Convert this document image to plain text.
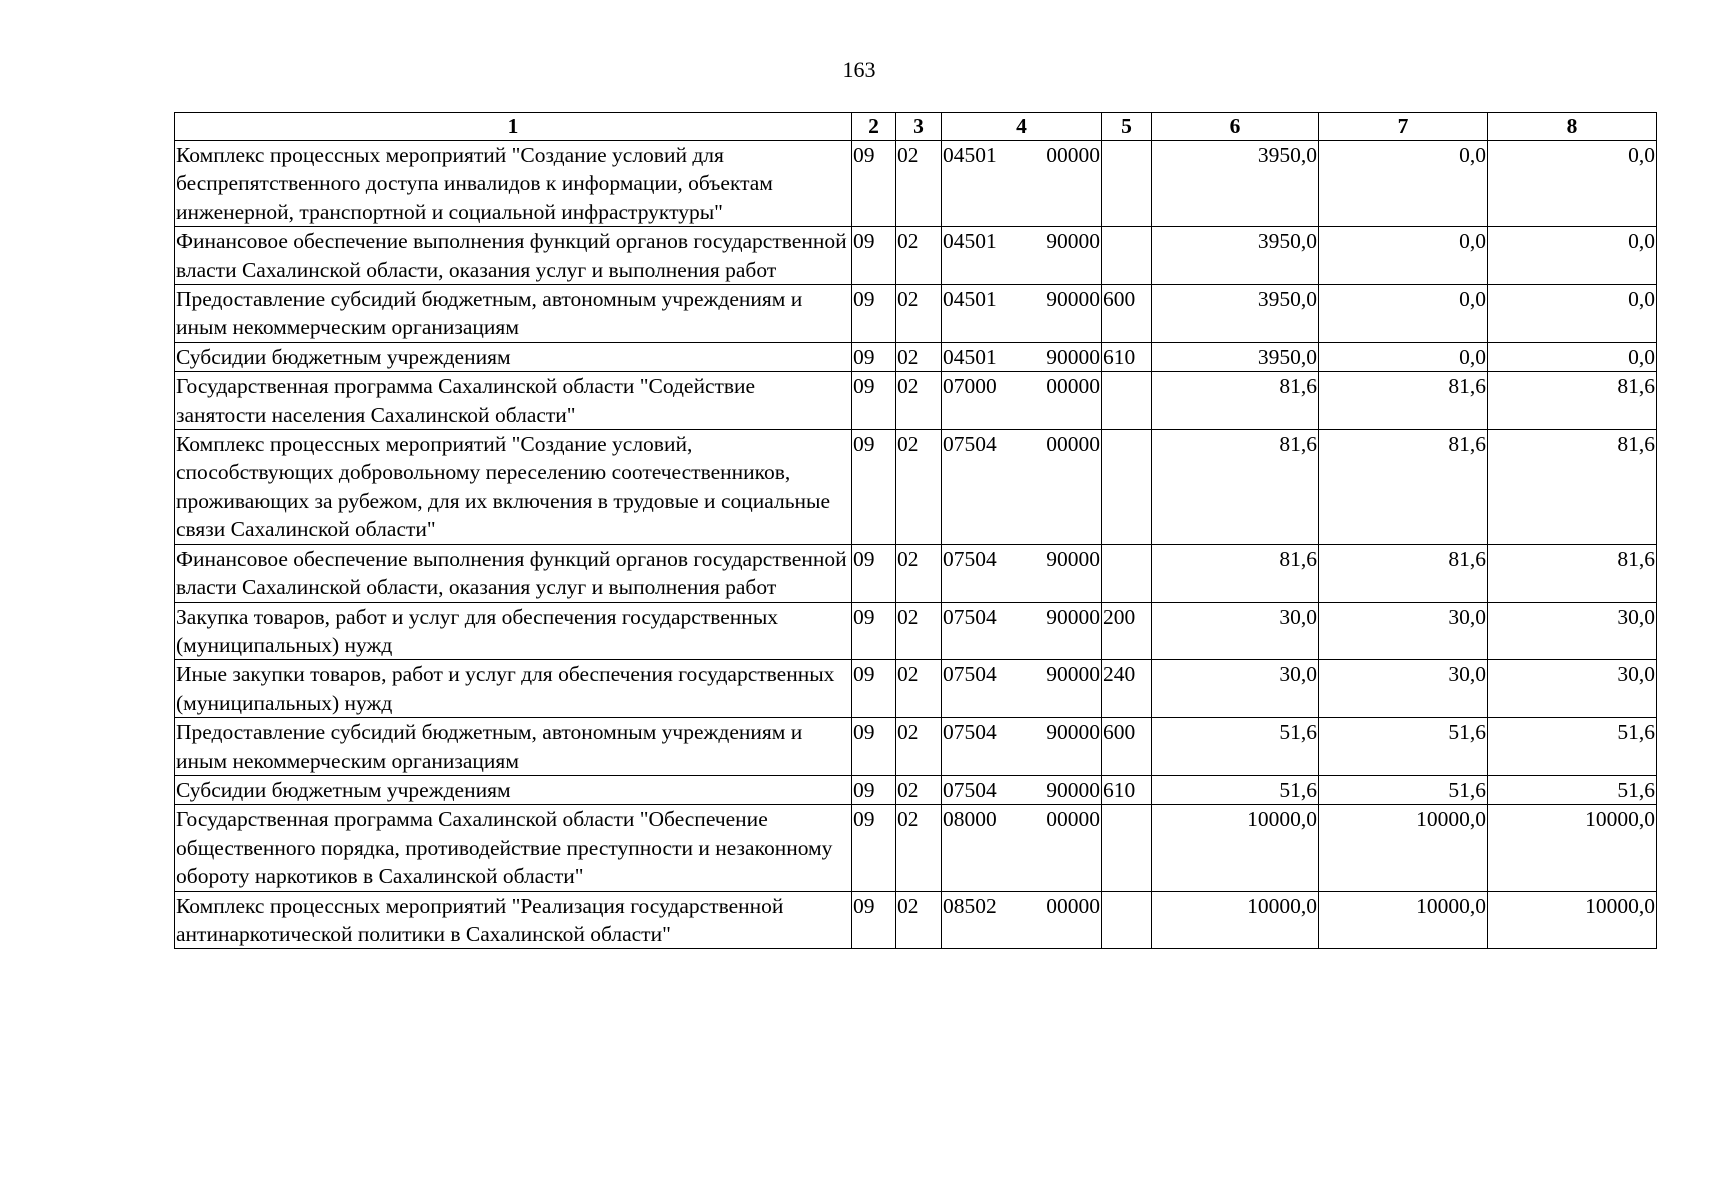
163
1	2	3	4	5	6	7	8
Комплекс процессных мероприятий "Создание условий для беспрепятственного доступа инвалидов к информации, объектам инженерной, транспортной и социальной инфраструктуры"	09	02	04501 00000		3950,0	0,0	0,0
Финансовое обеспечение выполнения функций органов государственной власти Сахалинской области, оказания услуг и выполнения работ	09	02	04501 90000		3950,0	0,0	0,0
Предоставление субсидий бюджетным, автономным учреждениям и иным некоммерческим организациям	09	02	04501 90000	600	3950,0	0,0	0,0
Субсидии бюджетным учреждениям	09	02	04501 90000	610	3950,0	0,0	0,0
Государственная программа Сахалинской области "Содействие занятости населения Сахалинской области"	09	02	07000 00000		81,6	81,6	81,6
Комплекс процессных мероприятий "Создание условий, способствующих добровольному переселению соотечественников, проживающих за рубежом, для их включения в трудовые и социальные связи Сахалинской области"	09	02	07504 00000		81,6	81,6	81,6
Финансовое обеспечение выполнения функций органов государственной власти Сахалинской области, оказания услуг и выполнения работ	09	02	07504 90000		81,6	81,6	81,6
Закупка товаров, работ и услуг для обеспечения государственных (муниципальных) нужд	09	02	07504 90000	200	30,0	30,0	30,0
Иные закупки товаров, работ и услуг для обеспечения государственных (муниципальных) нужд	09	02	07504 90000	240	30,0	30,0	30,0
Предоставление субсидий бюджетным, автономным учреждениям и иным некоммерческим организациям	09	02	07504 90000	600	51,6	51,6	51,6
Субсидии бюджетным учреждениям	09	02	07504 90000	610	51,6	51,6	51,6
Государственная программа Сахалинской области "Обеспечение общественного порядка, противодействие преступности и незаконному обороту наркотиков в Сахалинской области"	09	02	08000 00000		10000,0	10000,0	10000,0
Комплекс процессных мероприятий "Реализация государственной антинаркотической политики в Сахалинской области"	09	02	08502 00000		10000,0	10000,0	10000,0
